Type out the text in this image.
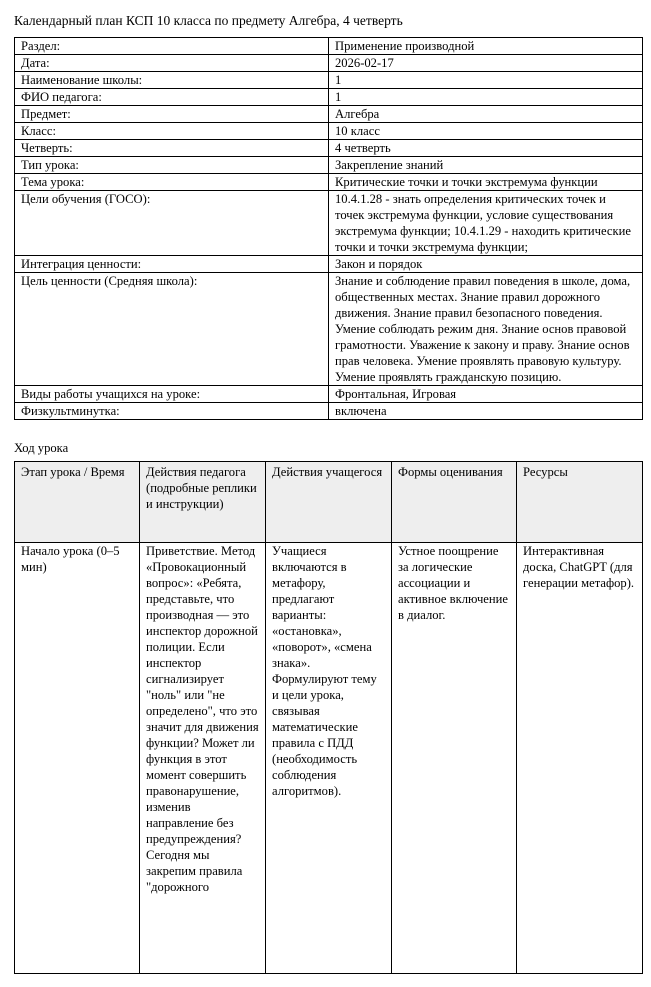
Календарный план КСП 10 класса по предмету Алгебра, 4 четверть
Раздел:	Применение производной
Дата:	2026-02-17
Наименование школы:	1
ФИО педагога:	1
Предмет:	Алгебра
Класс:	10 класс
Четверть:	4 четверть
Тип урока:	Закрепление знаний
Тема урока:	Критические точки и точки экстремума функции
Цели обучения (ГОСО):	10.4.1.28 - знать определения критических точек и точек экстремума функции, условие существования экстремума функции; 10.4.1.29 - находить критические точки и точки экстремума функции;
Интеграция ценности:	Закон и порядок
Цель ценности (Средняя школа):	Знание и соблюдение правил поведения в школе, дома, общественных местах. Знание правил дорожного движения. Знание правил безопасного поведения. Умение соблюдать режим дня. Знание основ правовой грамотности. Уважение к закону и праву. Знание основ прав человека. Умение проявлять правовую культуру. Умение проявлять гражданскую позицию.
Виды работы учащихся на уроке:	Фронтальная, Игровая
Физкультминутка:	включена
Ход урока
Этап урока / Время	Действия педагога (подробные реплики и инструкции)	Действия учащегося	Формы оценивания	Ресурсы

Начало урока (0–5 мин)	Приветствие. Метод «Провокационный вопрос»: «Ребята, представьте, что производная — это инспектор дорожной полиции. Если инспектор сигнализирует "ноль" или "не определено", что это значит для движения функции? Может ли функция в этот момент совершить правонарушение, изменив направление без предупреждения? Сегодня мы закрепим правила "дорожного	Учащиеся включаются в метафору, предлагают варианты: «остановка», «поворот», «смена знака». Формулируют тему и цели урока, связывая математические правила с ПДД (необходимость соблюдения алгоритмов).	Устное поощрение за логические ассоциации и активное включение в диалог.	Интерактивная доска, ChatGPT (для генерации метафор).
